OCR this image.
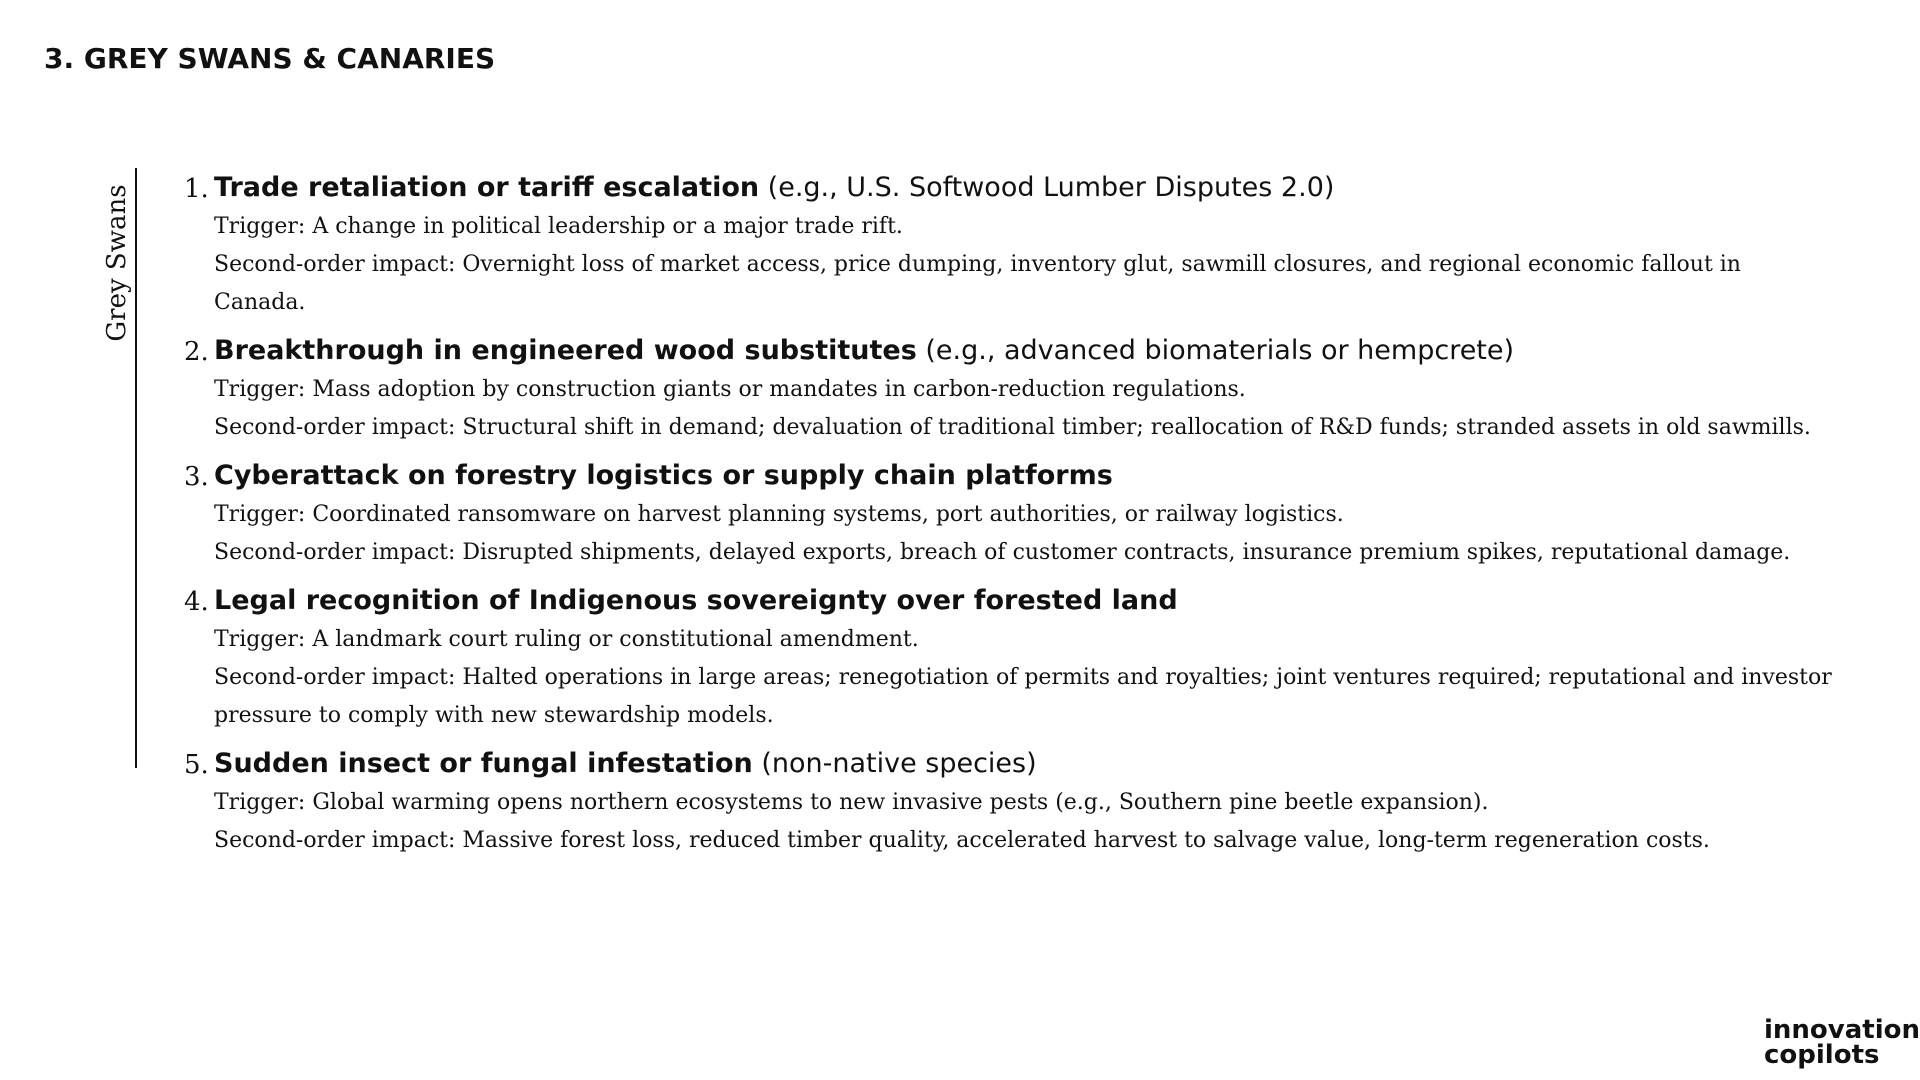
3. GREY SWANS & CANARIES
Grey Swans 1. Trade retaliation or tariff escalation (e.g., U.S. Softwood Lumber Disputes 2.0)
Trigger: A change in political leadership or a major trade rift.
Second-order impact: Overnight loss of market access, price dumping, inventory glut, sawmill closures, and regional economic fallout in Canada.
2. Breakthrough in engineered wood substitutes (e.g., advanced biomaterials or hempcrete)
Trigger: Mass adoption by construction giants or mandates in carbon-reduction regulations.
Second-order impact: Structural shift in demand; devaluation of traditional timber; reallocation of R&D funds; stranded assets in old sawmills.
3. Cyberattack on forestry logistics or supply chain platforms
Trigger: Coordinated ransomware on harvest planning systems, port authorities, or railway logistics.
Second-order impact: Disrupted shipments, delayed exports, breach of customer contracts, insurance premium spikes, reputational damage.
4. Legal recognition of Indigenous sovereignty over forested land
Trigger: A landmark court ruling or constitutional amendment.
Second-order impact: Halted operations in large areas; renegotiation of permits and royalties; joint ventures required; reputational and investor pressure to comply with new stewardship models.
5. Sudden insect or fungal infestation (non-native species)
Trigger: Global warming opens northern ecosystems to new invasive pests (e.g., Southern pine beetle expansion).
Second-order impact: Massive forest loss, reduced timber quality, accelerated harvest to salvage value, long-term regeneration costs.
innovation
copilots
